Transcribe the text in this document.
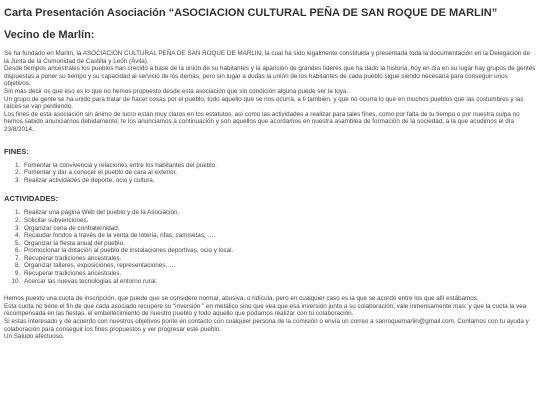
Carta Presentación Asociación “ASOCIACION CULTURAL PEÑA DE SAN ROQUE DE MARLIN”
Vecino de Marlín:

Se ha fundado en Marlín, la ASOCIACION CULTURAL PEÑA DE SAN ROQUE DE MARLIN, la cual ha sido legalmente constituida y presentada toda la documentación en la Delegación de la Junta de la Comunidad de Castilla y León (Ávila).

Desde tiempos ancestrales los pueblos han crecido a base de la unión de su habitantes y la aparición de grandes líderes que ha dado la historia, hoy en día en su lugar hay grupos de gentes dispuestas a poner su tiempo y su capacidad al servicio de los demás, pero sin lugar a dudas la unión de los habitantes de cada pueblo sigue siendo necesaria para conseguir unos objetivos.

Sin más decir os que eso es lo que no hemos propuesto desde esta asociación que sin condición alguna puede ser la tuya.

Un grupo de gente se ha unido para tratar de hacer cosas por el pueblo, todo aquello que se nos ocurra, a ti también, y que no ocurra lo que en muchos pueblos que las costumbres y las raíces se van perdiendo.

Los fines de esta asociación sin ánimo de lucro están muy claros en los estatutos, así como las actividades a realizar para tales fines, como por falta de tu tiempo o por nuestra culpa no hemos sabido anunciarnos debidamente, te los anunciamos a continuación y son aquellos que acordamos en nuestra asamblea de formación de la sociedad, a la que acudimos el día 23/8/2014..

FINES:
1. Fomentar la convivencia y relaciones entre los habitantes del pueblo.
2. Fomentar y dar a conocer el pueblo de cara al exterior.
3. Realizar actividades de deporte, ocio y cultura.
ACTIVIDADES:
1. Realizar una página Web del pueblo y de la Asociación.
2. Solicitar subvenciones.
3. Organizar cena de confraternidad.
4. Recaudar fondos a través de la venta de lotería, rifas, camisetas, ….
5. Organizar la fiesta anual del pueblo.
6. Promocionar la dotación al pueblo de instalaciones deportivas, ocio y local.
7. Recuperar tradiciones ancestrales.
8. Organizar talleres, exposiciones, representaciones,….
9. Recuperar tradiciones ancestrales.
10. Acercar las nuevas tecnologías al entorno rural.

Hemos puesto una cuota de inscripción, que puede que se considere normal, abusiva, o ridícula, pero en cualquier caso es la que se acordó entre los que allí estábamos.

Esta cuota no tiene el fin de que cada asociado recupere su “inversión ” en metálico sino que vea que esa inversión junto a su colaboración, vale inmensamente mas; y que la cuota la vea recompensada en las fiestas, el embellecimiento de nuestro pueblo y todo aquello que podamos realizar con tu colaboración.

Si estas interesado y de acuerdo con nuestros objetivos ponte en contacto con cualquier persona de la comisión o envía un correo a sanroquemarlin@gmail.com, Contamos con tu ayuda y colaboración para conseguir los fines propuestos y ver progresar este pueblo.

Un Saludo afectuoso.
